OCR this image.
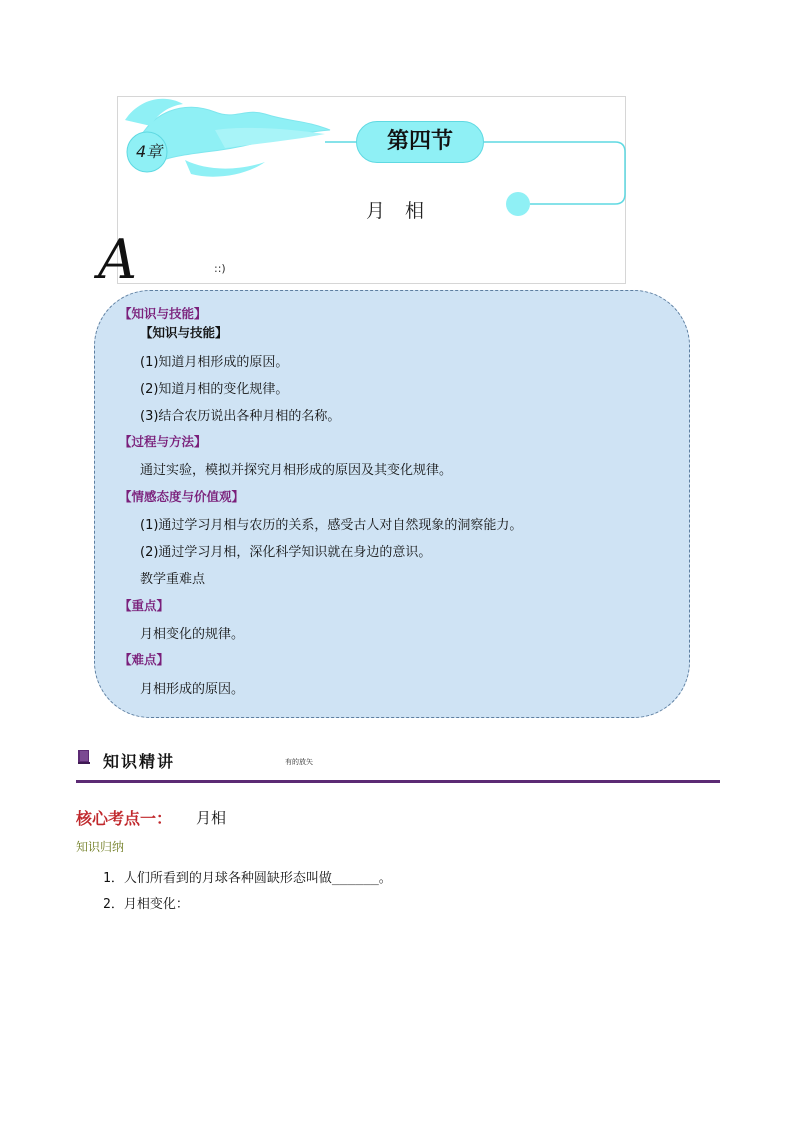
4章	第四节
月相
A	::)
【知识与技能】
【知识与技能】
(1)知道月相形成的原因。
(2)知道月相的变化规律。
(3)结合农历说出各种月相的名称。
【过程与方法】
通过实验，模拟并探究月相形成的原因及其变化规律。
【情感态度与价值观】
(1)通过学习月相与农历的关系，感受古人对自然现象的洞察能力。
(2)通过学习月相，深化科学知识就在身边的意识。
教学重难点
【重点】
月相变化的规律。
【难点】
月相形成的原因。
知识精讲	有的放矢
核心考点一： 月相
知识归纳
1．人们所看到的月球各种圆缺形态叫做______。
2．月相变化：
